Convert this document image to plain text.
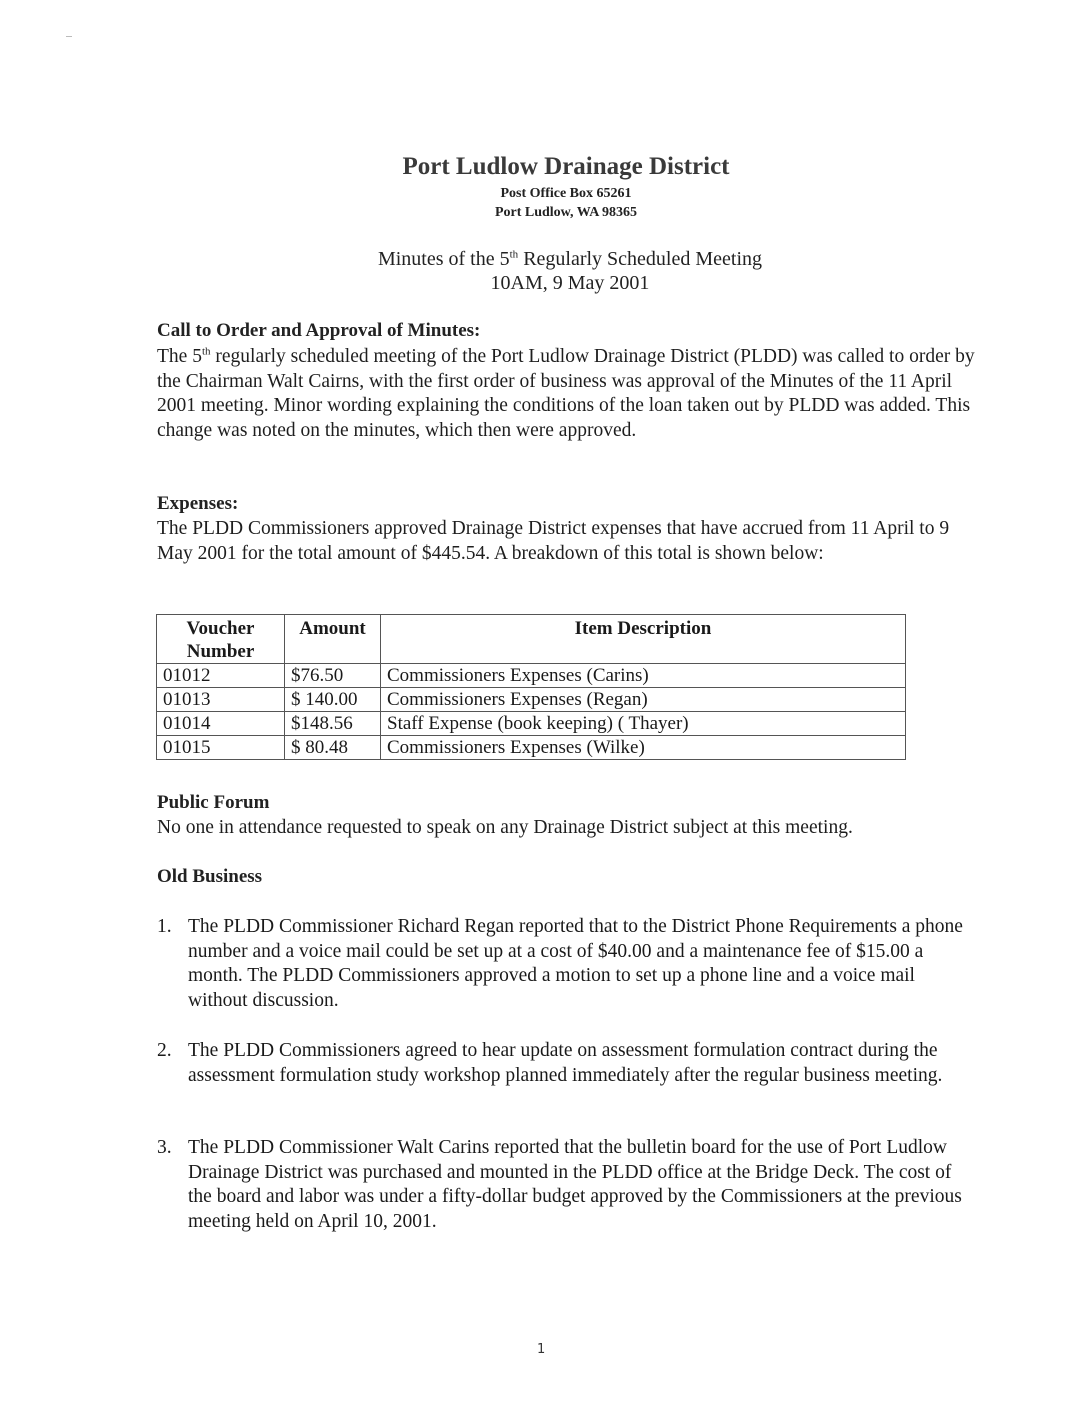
Port Ludlow Drainage District
Post Office Box 65261
Port Ludlow, WA 98365
Minutes of the 5th Regularly Scheduled Meeting
10AM, 9 May 2001
Call to Order and Approval of Minutes:

The 5th regularly scheduled meeting of the Port Ludlow Drainage District (PLDD) was called to order by the Chairman Walt Cairns, with the first order of business was approval of the Minutes of the 11 April 2001 meeting. Minor wording explaining the conditions of the loan taken out by PLDD was added. This change was noted on the minutes, which then were approved.

Expenses:
The PLDD Commissioners approved Drainage District expenses that have accrued from 11 April to 9 May 2001 for the total amount of $445.54. A breakdown of this total is shown below:
Voucher Number	Amount	Item Description
01012	$76.50	Commissioners Expenses (Carins)
01013	$ 140.00	Commissioners Expenses (Regan)
01014	$148.56	Staff Expense (book keeping) ( Thayer)
01015	$ 80.48	Commissioners Expenses (Wilke)
Public Forum
No one in attendance requested to speak on any Drainage District subject at this meeting.
Old Business
1. The PLDD Commissioner Richard Regan reported that to the District Phone Requirements a phone number and a voice mail could be set up at a cost of $40.00 and a maintenance fee of $15.00 a month. The PLDD Commissioners approved a motion to set up a phone line and a voice mail without discussion.
2. The PLDD Commissioners agreed to hear update on assessment formulation contract during the assessment formulation study workshop planned immediately after the regular business meeting.
3. The PLDD Commissioner Walt Carins reported that the bulletin board for the use of Port Ludlow Drainage District was purchased and mounted in the PLDD office at the Bridge Deck. The cost of the board and labor was under a fifty-dollar budget approved by the Commissioners at the previous meeting held on April 10, 2001.
1
